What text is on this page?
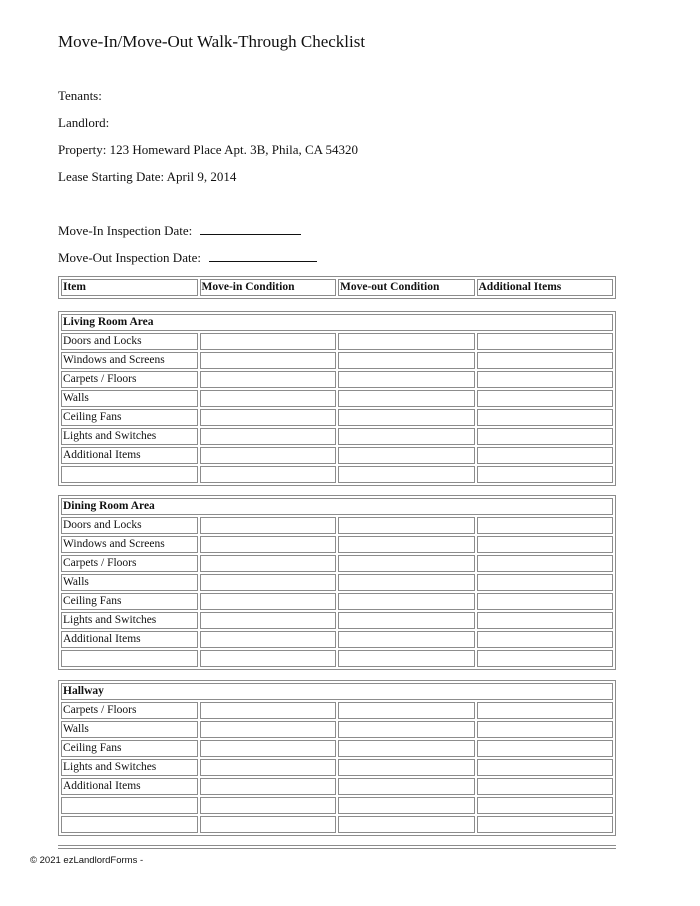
Move-In/Move-Out Walk-Through Checklist
Tenants:
Landlord:
Property: 123 Homeward Place Apt. 3B, Phila, CA 54320
Lease Starting Date: April 9, 2014
Move-In Inspection Date:
Move-Out Inspection Date:
Item	Move-in Condition	Move-out Condition	Additional Items
Living Room Area			
Doors and Locks			
Windows and Screens			
Carpets / Floors			
Walls			
Ceiling Fans			
Lights and Switches			
Additional Items			

Dining Room Area			
Doors and Locks			
Windows and Screens			
Carpets / Floors			
Walls			
Ceiling Fans			
Lights and Switches			
Additional Items			

Hallway			
Carpets / Floors			
Walls			
Ceiling Fans			
Lights and Switches			
Additional Items			

© 2021 ezLandlordForms -
